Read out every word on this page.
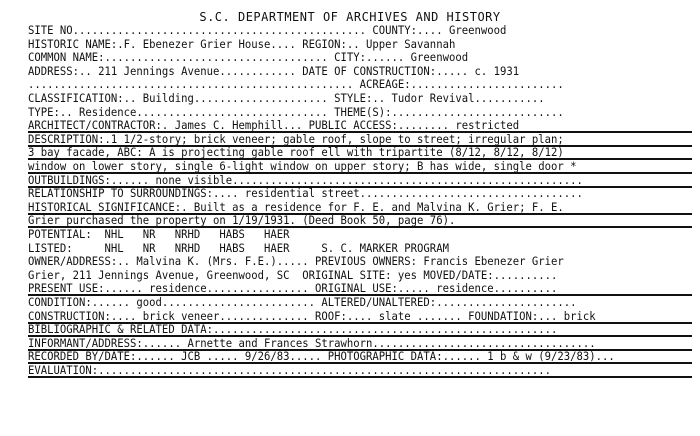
S.C. DEPARTMENT OF ARCHIVES AND HISTORY
SITE NO.............................................. COUNTY:.... Greenwood
HISTORIC NAME:.F. Ebenezer Grier House.... REGION:.. Upper Savannah
COMMON NAME:................................... CITY:...... Greenwood
ADDRESS:.. 211 Jennings Avenue............ DATE OF CONSTRUCTION:..... c. 1931
................................................... ACREAGE:........................
CLASSIFICATION:.. Building..................... STYLE:.. Tudor Revival...........
TYPE:.. Residence.............................. THEME(S):...........................
ARCHITECT/CONTRACTOR:. James C. Hemphill... PUBLIC ACCESS:........ restricted
DESCRIPTION:.1 1/2-story; brick veneer; gable roof, slope to street; irregular plan;
3 bay facade, ABC: A is projecting gable roof ell with tripartite (8/12, 8/12, 8/12)
window on lower story, single 6-light window on upper story; B has wide, single door *
OUTBUILDINGS:...... none visible.......................................................
RELATIONSHIP TO SURROUNDINGS:.... residential street...................................
HISTORICAL SIGNIFICANCE:. Built as a residence for F. E. and Malvina K. Grier; F. E.
Grier purchased the property on 1/19/1931. (Deed Book 50, page 76).
POTENTIAL:  NHL   NR   NRHD   HABS   HAER
LISTED:     NHL   NR   NRHD   HABS   HAER     S. C. MARKER PROGRAM
OWNER/ADDRESS:.. Malvina K. (Mrs. F.E.)..... PREVIOUS OWNERS: Francis Ebenezer Grier
Grier, 211 Jennings Avenue, Greenwood, SC  ORIGINAL SITE: yes MOVED/DATE:..........
PRESENT USE:...... residence................ ORIGINAL USE:..... residence..........
CONDITION:...... good........................ ALTERED/UNALTERED:......................
CONSTRUCTION:.... brick veneer.............. ROOF:.... slate ....... FOUNDATION:... brick
BIBLIOGRAPHIC & RELATED DATA:......................................................
INFORMANT/ADDRESS:...... Arnette and Frances Strawhorn...................................
RECORDED BY/DATE:...... JCB ..... 9/26/83..... PHOTOGRAPHIC DATA:...... 1 b & w (9/23/83)...
EVALUATION:.......................................................................
